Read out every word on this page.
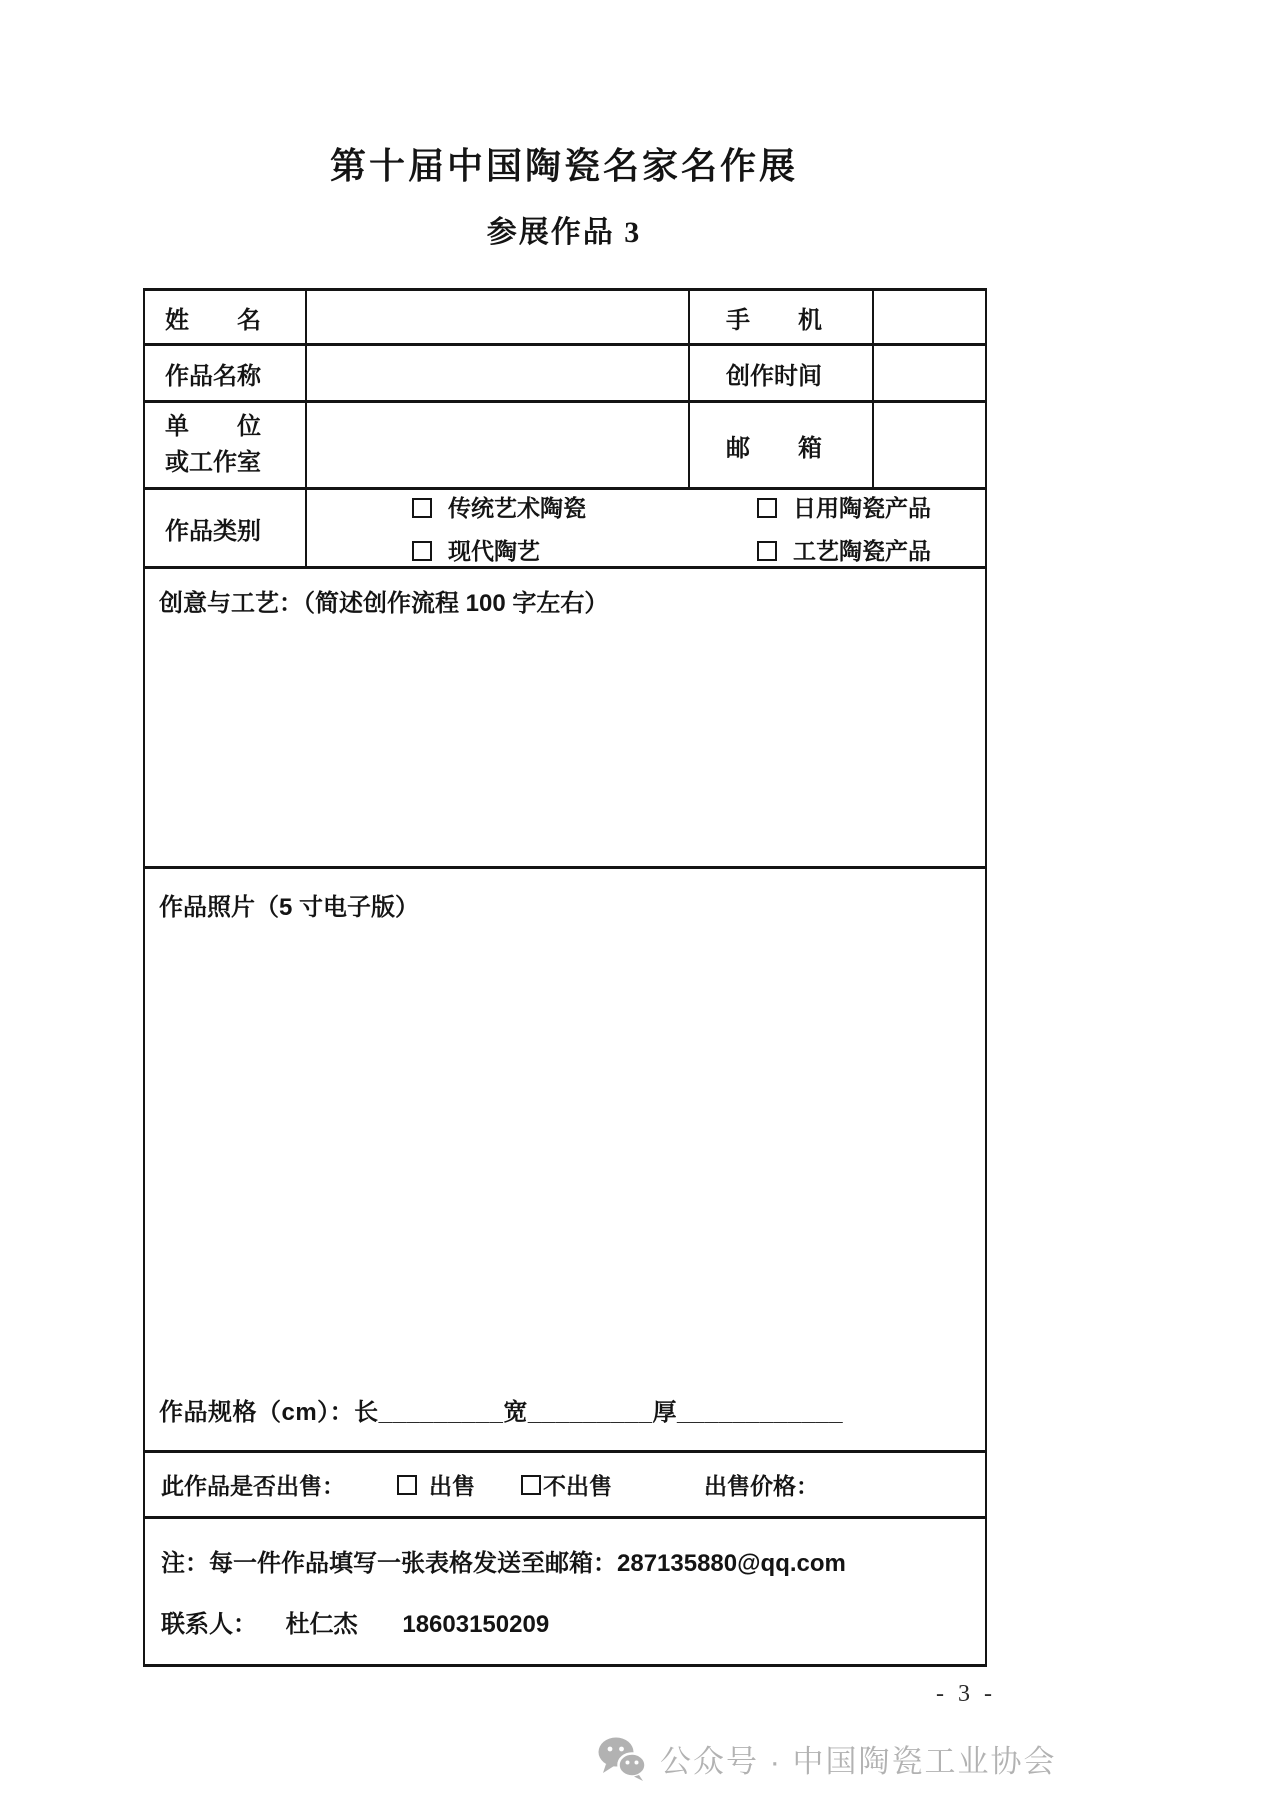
第十届中国陶瓷名家名作展
参展作品 3
姓　　名		手　　机	
作品名称		创作时间	

单　　位
或工作室		邮　　箱	
作品类别	传统艺术陶瓷 日用陶瓷产品
现代陶艺 工艺陶瓷产品		

创意与工艺：（简述创作流程 100 字左右）			

作品照片（5 寸电子版）
作品规格（cm）：长_________宽_________厚____________			

此作品是否出售： 出售 不出售 出售价格：			

注：每一件作品填写一张表格发送至邮箱：287135880@qq.com
联系人： 杜仁杰 18603150209			
- 3 -
公众号 · 中国陶瓷工业协会
